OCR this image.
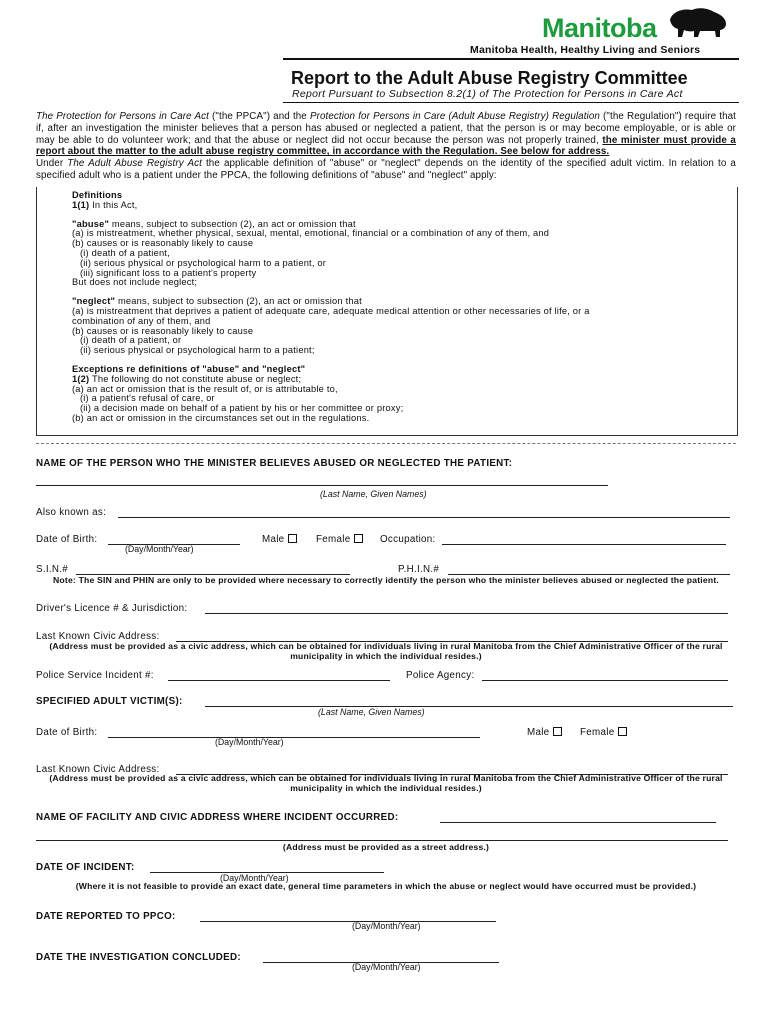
Manitoba
Manitoba Health, Healthy Living and Seniors
Report to the Adult Abuse Registry Committee
Report Pursuant to Subsection 8.2(1) of The Protection for Persons in Care Act

The Protection for Persons in Care Act ("the PPCA") and the Protection for Persons in Care (Adult Abuse Registry) Regulation ("the Regulation") require that if, after an investigation the minister believes that a person has abused or neglected a patient, that the person is or may become employable, or is able or may be able to do volunteer work; and that the abuse or neglect did not occur because the person was not properly trained, the minister must provide a report about the matter to the adult abuse registry committee, in accordance with the Regulation. See below for address.

Under The Adult Abuse Registry Act the applicable definition of "abuse" or "neglect" depends on the identity of the specified adult victim. In relation to a specified adult who is a patient under the PPCA, the following definitions of "abuse" and "neglect" apply:

Definitions
1(1) In this Act,
"abuse" means, subject to subsection (2), an act or omission that
(a) is mistreatment, whether physical, sexual, mental, emotional, financial or a combination of any of them, and
(b) causes or is reasonably likely to cause
(i) death of a patient,
(ii) serious physical or psychological harm to a patient, or
(iii) significant loss to a patient's property
But does not include neglect;
"neglect" means, subject to subsection (2), an act or omission that
(a) is mistreatment that deprives a patient of adequate care, adequate medical attention or other necessaries of life, or a
combination of any of them, and
(b) causes or is reasonably likely to cause
(i) death of a patient, or
(ii) serious physical or psychological harm to a patient;
Exceptions re definitions of "abuse" and "neglect"
1(2) The following do not constitute abuse or neglect;
(a) an act or omission that is the result of, or is attributable to,
(i) a patient's refusal of care, or
(ii) a decision made on behalf of a patient by his or her committee or proxy;
(b) an act or omission in the circumstances set out in the regulations.
NAME OF THE PERSON WHO THE MINISTER BELIEVES ABUSED OR NEGLECTED THE PATIENT:
(Last Name, Given Names)
Also known as:
Date of Birth:
(Day/Month/Year)
Male	Female	Occupation:
S.I.N.#	P.H.I.N.#
Note: The SIN and PHIN are only to be provided where necessary to correctly identify the person who the minister believes abused or neglected the patient.
Driver's Licence # & Jurisdiction:
Last Known Civic Address:
(Address must be provided as a civic address, which can be obtained for individuals living in rural Manitoba from the Chief Administrative Officer of the rural municipality in which the individual resides.)
Police Service Incident #:	Police Agency:
SPECIFIED ADULT VICTIM(S):
(Last Name, Given Names)
Date of Birth:
(Day/Month/Year)
Male	Female
Last Known Civic Address:
(Address must be provided as a civic address, which can be obtained for individuals living in rural Manitoba from the Chief Administrative Officer of the rural municipality in which the individual resides.)
NAME OF FACILITY AND CIVIC ADDRESS WHERE INCIDENT OCCURRED:
(Address must be provided as a street address.)
DATE OF INCIDENT:
(Day/Month/Year)
(Where it is not feasible to provide an exact date, general time parameters in which the abuse or neglect would have occurred must be provided.)
DATE REPORTED TO PPCO:
(Day/Month/Year)
DATE THE INVESTIGATION CONCLUDED:
(Day/Month/Year)
